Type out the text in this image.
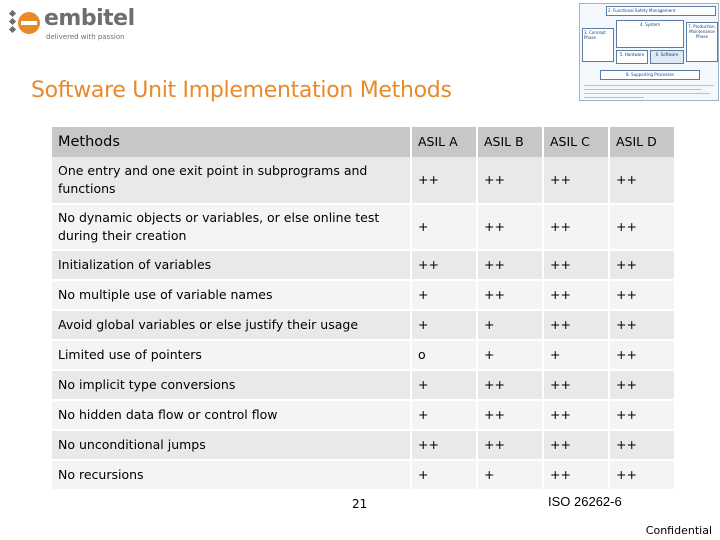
embitel
delivered with passion
2. Functional Safety Management
3. Concept Phase
4. System	7. Production, Maintenance Phase
5. Hardware	6. Software
8. Supporting Processes
Software Unit Implementation Methods
Methods	ASIL A	ASIL B	ASIL C	ASIL D
One entry and one exit point in subprograms and functions	++	++	++	++
No dynamic objects or variables, or else online test during their creation	+	++	++	++
Initialization of variables	++	++	++	++
No multiple use of variable names	+	++	++	++
Avoid global variables or else justify their usage	+	+	++	++
Limited use of pointers	o	+	+	++
No implicit type conversions	+	++	++	++
No hidden data flow or control flow	+	++	++	++
No unconditional jumps	++	++	++	++
No recursions	+	+	++	++
21	ISO 26262-6
Confidential
